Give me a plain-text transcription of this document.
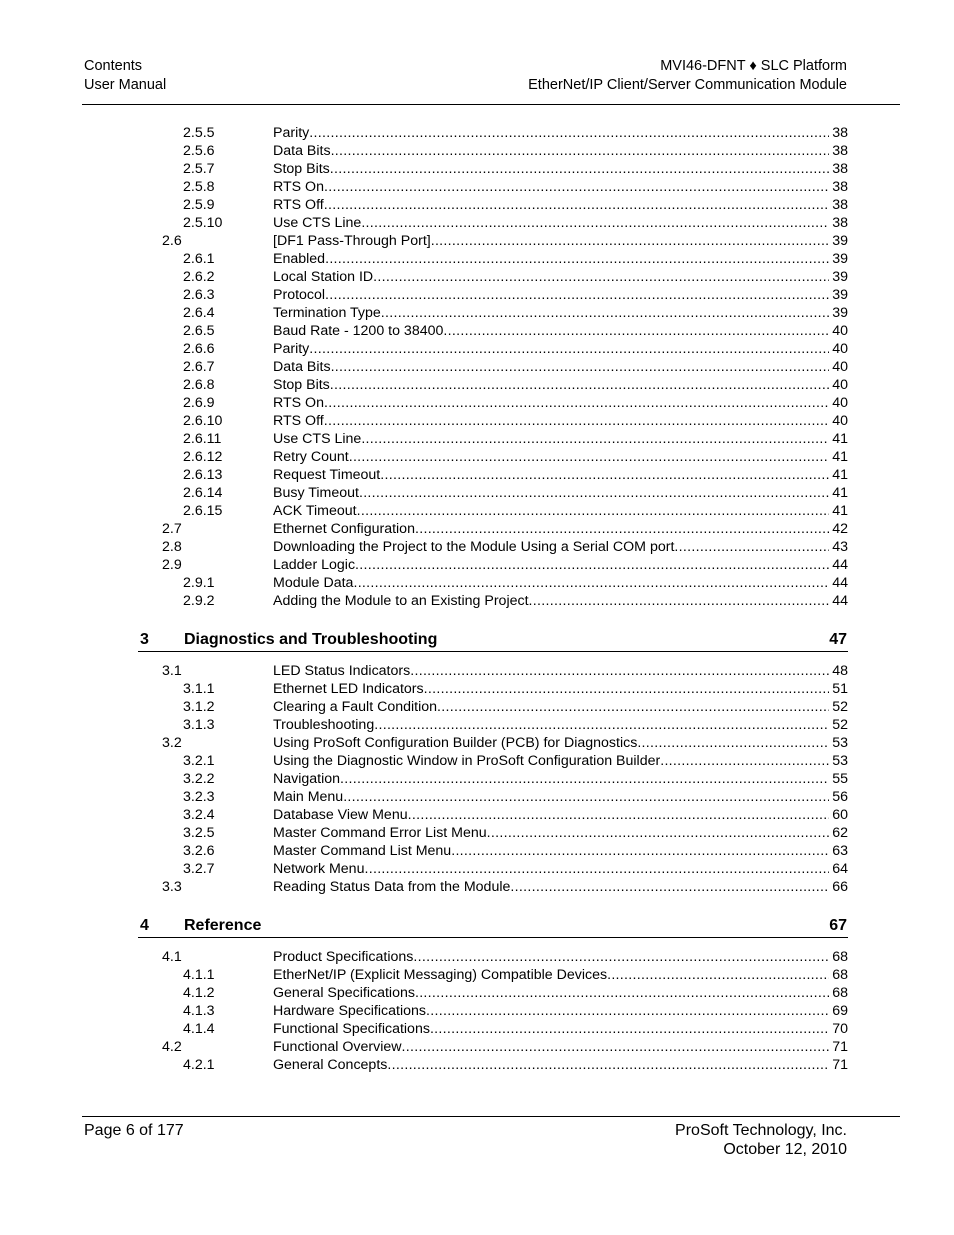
Contents
User Manual
MVI46-DFNT ♦ SLC Platform
EtherNet/IP Client/Server Communication Module
2.5.5	Parity .....	38
2.5.6	Data Bits .....	38
2.5.7	Stop Bits .....	38
2.5.8	RTS On .....	38
2.5.9	RTS Off .....	38
2.5.10	Use CTS Line .....	38
2.6	[DF1 Pass-Through Port] .....	39
2.6.1	Enabled .....	39
2.6.2	Local Station ID .....	39
2.6.3	Protocol .....	39
2.6.4	Termination Type .....	39
2.6.5	Baud Rate - 1200 to 38400 .....	40
2.6.6	Parity .....	40
2.6.7	Data Bits .....	40
2.6.8	Stop Bits .....	40
2.6.9	RTS On .....	40
2.6.10	RTS Off .....	40
2.6.11	Use CTS Line .....	41
2.6.12	Retry Count .....	41
2.6.13	Request Timeout .....	41
2.6.14	Busy Timeout .....	41
2.6.15	ACK Timeout .....	41
2.7	Ethernet Configuration .....	42
2.8	Downloading the Project to the Module Using a Serial COM port .....	43
2.9	Ladder Logic .....	44
2.9.1	Module Data .....	44
2.9.2	Adding the Module to an Existing Project .....	44
3 Diagnostics and Troubleshooting	47
3.1	LED Status Indicators .....	48
3.1.1	Ethernet LED Indicators .....	51
3.1.2	Clearing a Fault Condition .....	52
3.1.3	Troubleshooting .....	52
3.2	Using ProSoft Configuration Builder (PCB) for Diagnostics .....	53
3.2.1	Using the Diagnostic Window in ProSoft Configuration Builder .....	53
3.2.2	Navigation .....	55
3.2.3	Main Menu .....	56
3.2.4	Database View Menu .....	60
3.2.5	Master Command Error List Menu .....	62
3.2.6	Master Command List Menu .....	63
3.2.7	Network Menu .....	64
3.3	Reading Status Data from the Module .....	66
4 Reference	67
4.1	Product Specifications .....	68
4.1.1	EtherNet/IP (Explicit Messaging) Compatible Devices .....	68
4.1.2	General Specifications .....	68
4.1.3	Hardware Specifications .....	69
4.1.4	Functional Specifications .....	70
4.2	Functional Overview .....	71
4.2.1	General Concepts .....	71
Page 6 of 177	ProSoft Technology, Inc.
October 12, 2010
